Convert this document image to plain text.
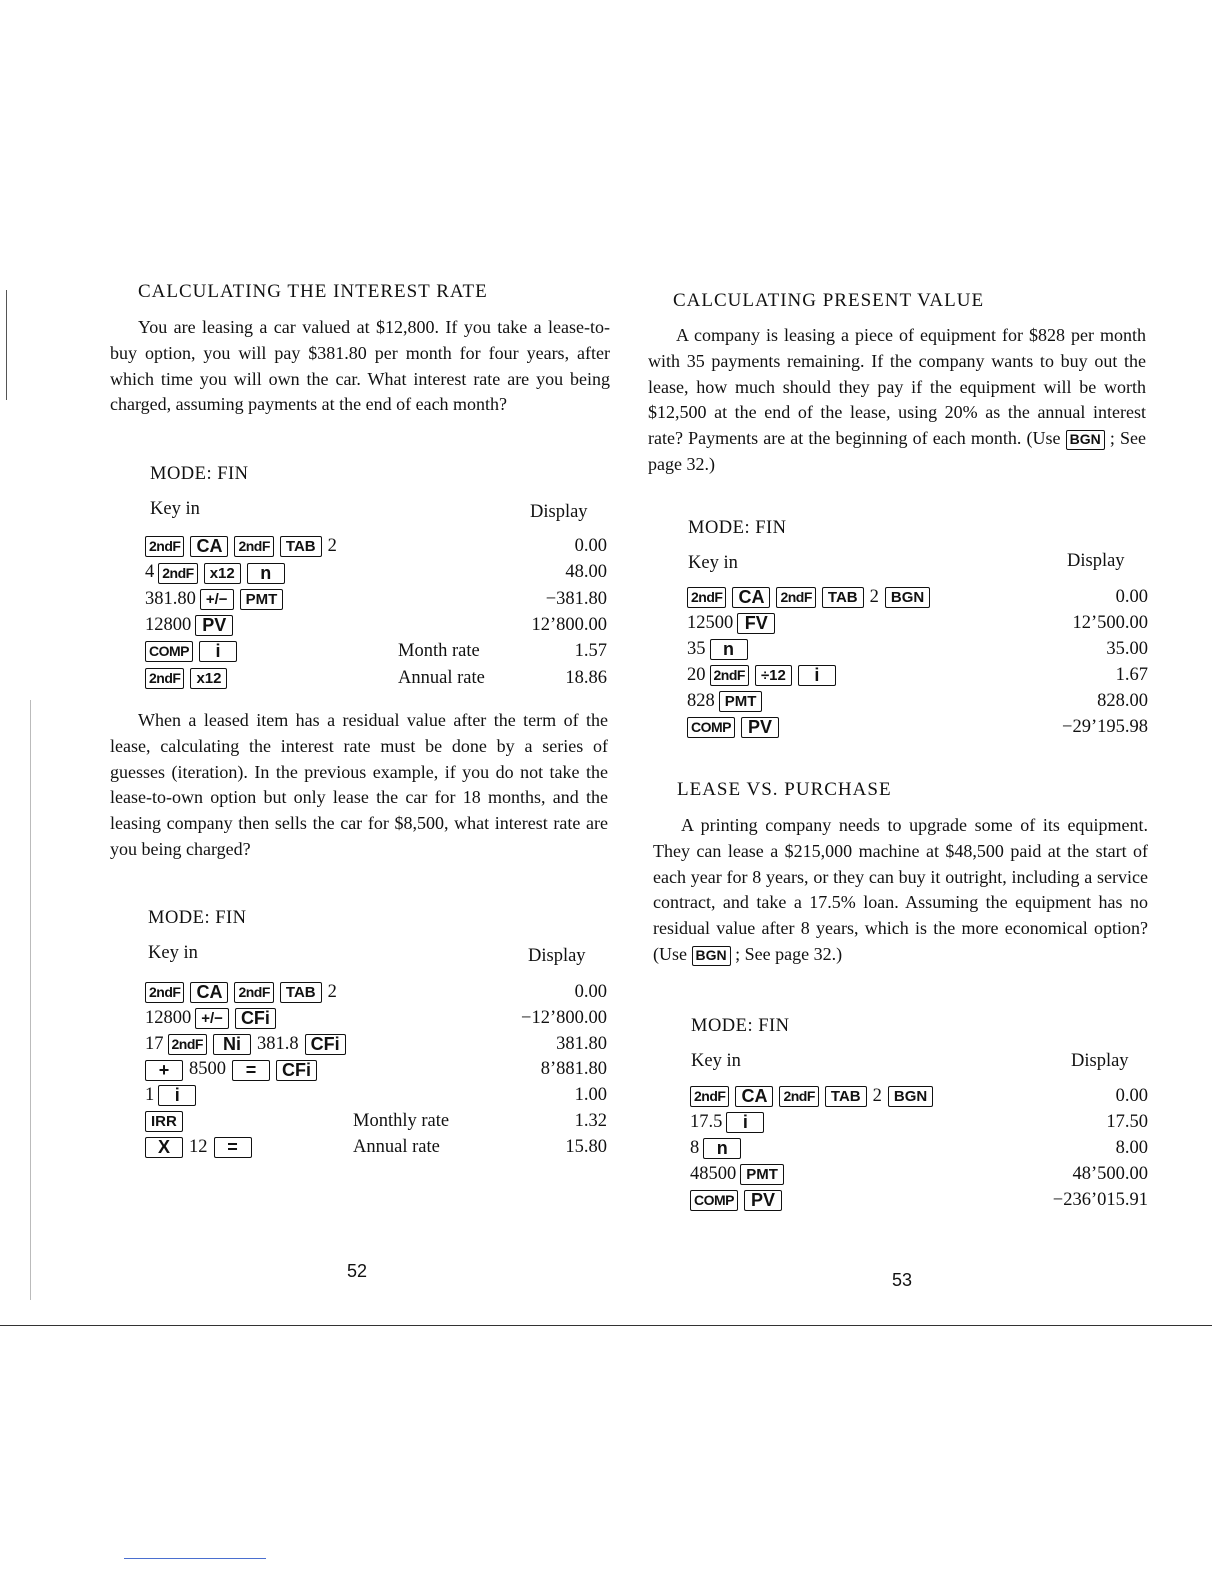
CALCULATING THE INTEREST RATE

You are leasing a car valued at $12,800. If you take a lease-to-buy option, you will pay $381.80 per month for four years, after which time you will own the car. What interest rate are you being charged, assuming payments at the end of each month?

MODE: FIN
Key in	Display
2ndF CA 2ndF TAB 2	0.00
4 2ndF x12 n	48.00
381.80 +/− PMT	−381.80
12800 PV	12’800.00
COMP i	Month rate	1.57
2ndF x12	Annual rate	18.86

When a leased item has a residual value after the term of the lease, calculating the interest rate must be done by a series of guesses (iteration). In the previous example, if you do not take the lease-to-own option but only lease the car for 18 months, and the leasing company then sells the car for $8,500, what interest rate are you being charged?

MODE: FIN
Key in	Display
2ndF CA 2ndF TAB 2	0.00
12800 +/− CFi	−12’800.00
17 2ndF Ni 381.8 CFi	381.80
+ 8500 = CFi	8’881.80
1 i	1.00
IRR	Monthly rate	1.32
X 12 =	Annual rate	15.80
52
CALCULATING PRESENT VALUE

A company is leasing a piece of equipment for $828 per month with 35 payments remaining. If the company wants to buy out the lease, how much should they pay if the equipment will be worth $12,500 at the end of the lease, using 20% as the annual interest rate? Payments are at the beginning of each month. (Use BGN ; See page 32.)

MODE: FIN
Key in	Display
2ndF CA 2ndF TAB 2 BGN	0.00
12500 FV	12’500.00
35 n	35.00
20 2ndF ÷12 i	1.67
828 PMT	828.00
COMP PV	−29’195.98
LEASE VS. PURCHASE

A printing company needs to upgrade some of its equipment. They can lease a $215,000 machine at $48,500 paid at the start of each year for 8 years, or they can buy it outright, including a service contract, and take a 17.5% loan. Assuming the equipment has no residual value after 8 years, which is the more economical option? (Use BGN ; See page 32.)

MODE: FIN
Key in	Display
2ndF CA 2ndF TAB 2 BGN	0.00
17.5 i	17.50
8 n	8.00
48500 PMT	48’500.00
COMP PV	−236’015.91
53
